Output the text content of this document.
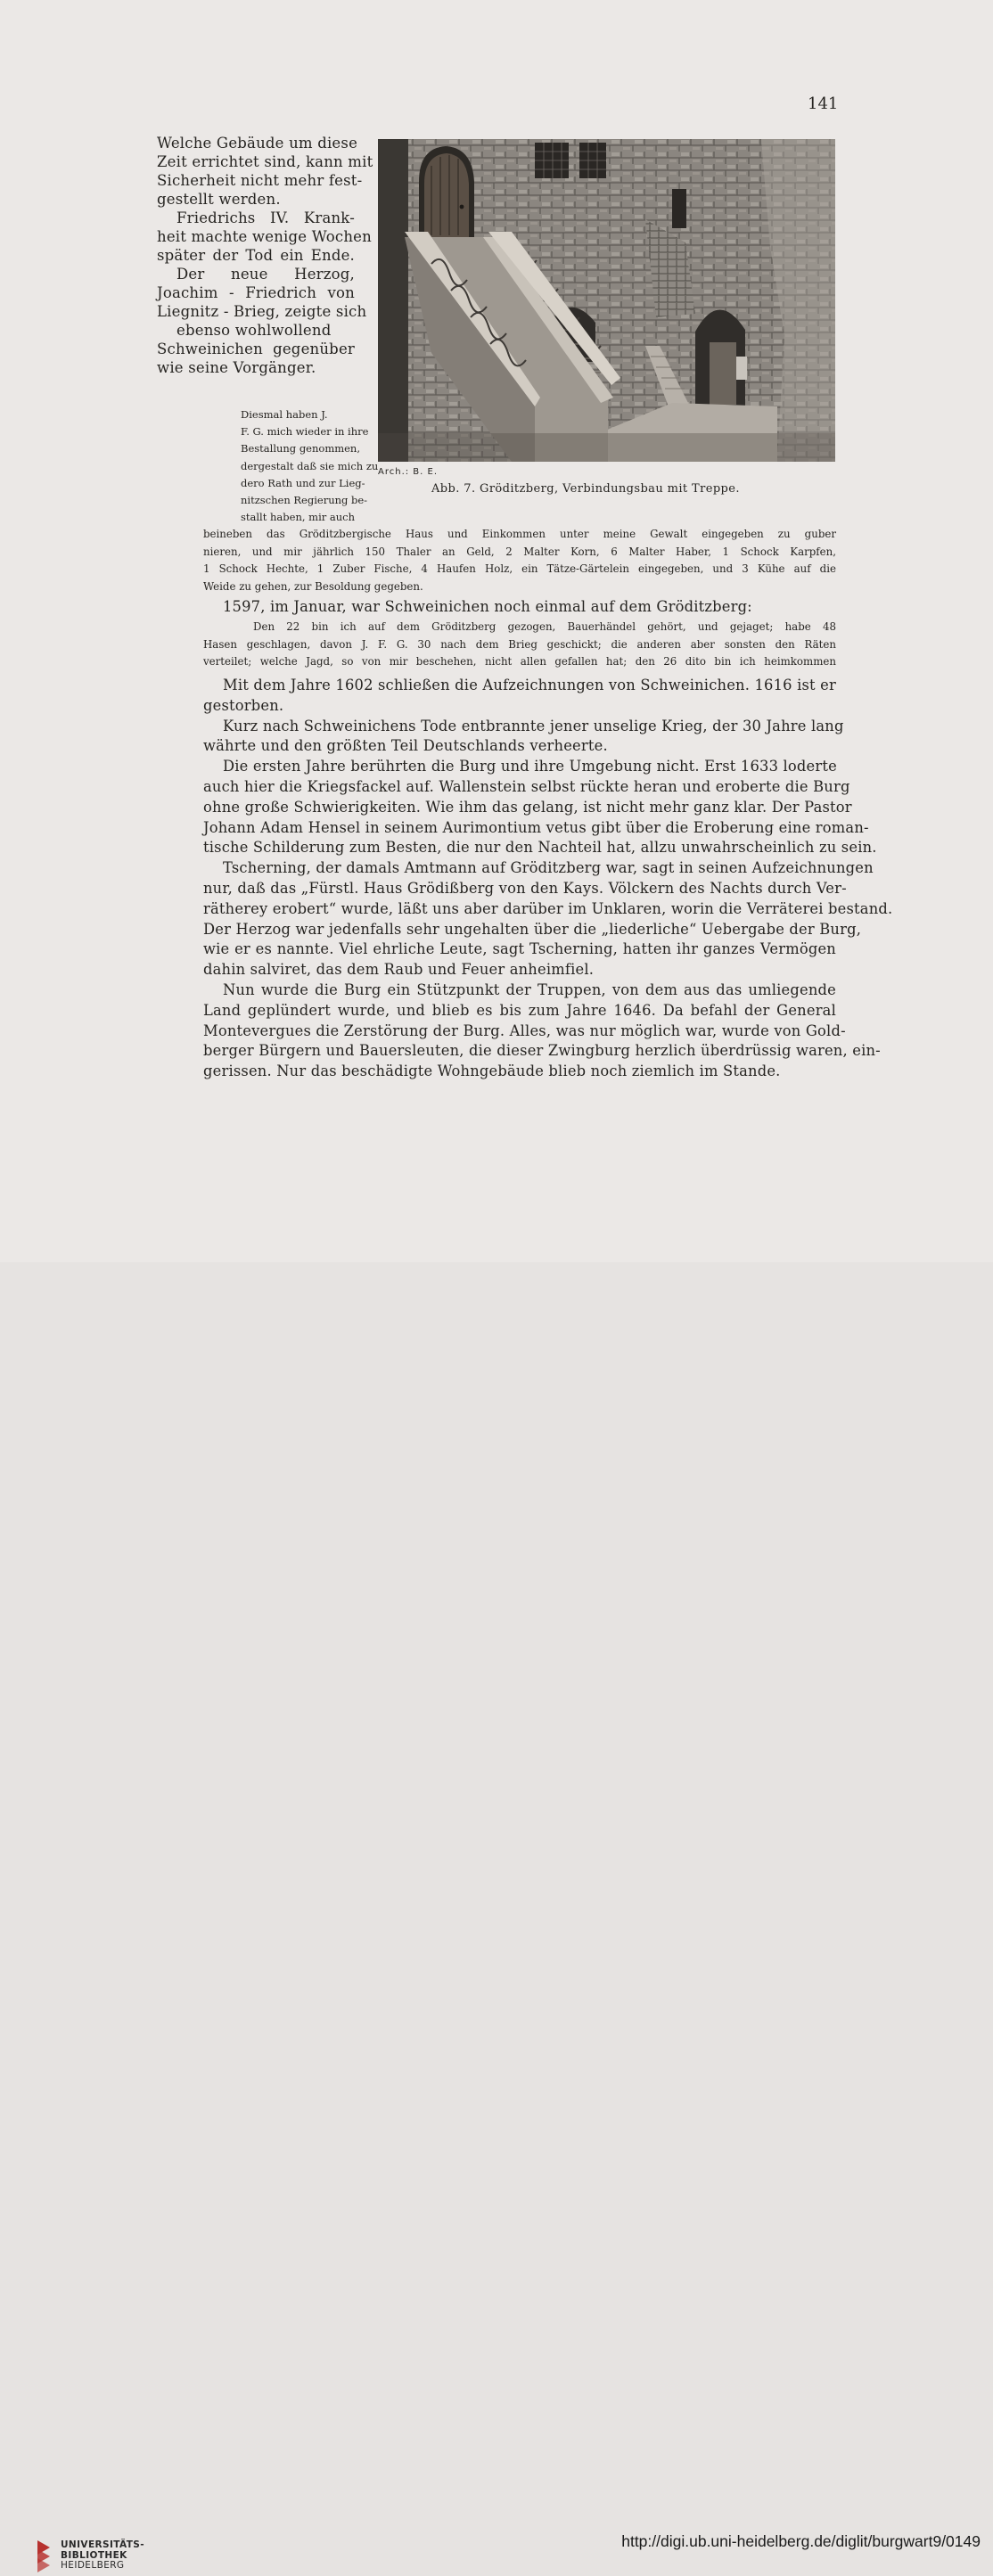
141
Welche Gebäude um diese
Zeit errichtet sind, kann mit
Sicherheit nicht mehr fest-
gestellt werden.
Friedrichs IV. Krank-
heit machte wenige Wochen
später der Tod ein Ende.
Der neue Herzog,
Joachim - Friedrich von
Liegnitz - Brieg, zeigte sich
ebenso wohlwollend
Schweinichen gegenüber
wie seine Vorgänger.
Diesmal haben J.
F. G. mich wieder in ihre
Bestallung genommen,
dergestalt daß sie mich zu
dero Rath und zur Lieg-
nitzschen Regierung be-
stallt haben, mir auch
Arch.: B. E.
Abb. 7. Gröditzberg, Verbindungsbau mit Treppe.
beineben das Gröditzbergische Haus und Einkommen unter meine Gewalt eingegeben zu guber
nieren, und mir jährlich 150 Thaler an Geld, 2 Malter Korn, 6 Malter Haber, 1 Schock Karpfen,
1 Schock Hechte, 1 Zuber Fische, 4 Haufen Holz, ein Tätze-Gärtelein eingegeben, und 3 Kühe auf die
Weide zu gehen, zur Besoldung gegeben.
1597, im Januar, war Schweinichen noch einmal auf dem Gröditzberg:
Den 22 bin ich auf dem Gröditzberg gezogen, Bauerhändel gehört, und gejaget; habe 48
Hasen geschlagen, davon J. F. G. 30 nach dem Brieg geschickt; die anderen aber sonsten den Räten
verteilet; welche Jagd, so von mir beschehen, nicht allen gefallen hat; den 26 dito bin ich heimkommen
Mit dem Jahre 1602 schließen die Aufzeichnungen von Schweinichen. 1616 ist er
gestorben.
Kurz nach Schweinichens Tode entbrannte jener unselige Krieg, der 30 Jahre lang
währte und den größten Teil Deutschlands verheerte.
Die ersten Jahre berührten die Burg und ihre Umgebung nicht. Erst 1633 loderte
auch hier die Kriegsfackel auf. Wallenstein selbst rückte heran und eroberte die Burg
ohne große Schwierigkeiten. Wie ihm das gelang, ist nicht mehr ganz klar. Der Pastor
Johann Adam Hensel in seinem Aurimontium vetus gibt über die Eroberung eine roman-
tische Schilderung zum Besten, die nur den Nachteil hat, allzu unwahrscheinlich zu sein.
Tscherning, der damals Amtmann auf Gröditzberg war, sagt in seinen Aufzeichnungen
nur, daß das „Fürstl. Haus Grödißberg von den Kays. Völckern des Nachts durch Ver-
rätherey erobert“ wurde, läßt uns aber darüber im Unklaren, worin die Verräterei bestand.
Der Herzog war jedenfalls sehr ungehalten über die „liederliche“ Uebergabe der Burg,
wie er es nannte. Viel ehrliche Leute, sagt Tscherning, hatten ihr ganzes Vermögen
dahin salviret, das dem Raub und Feuer anheimfiel.
Nun wurde die Burg ein Stützpunkt der Truppen, von dem aus das umliegende
Land geplündert wurde, und blieb es bis zum Jahre 1646. Da befahl der General
Montevergues die Zerstörung der Burg. Alles, was nur möglich war, wurde von Gold-
berger Bürgern und Bauersleuten, die dieser Zwingburg herzlich überdrüssig waren, ein-
gerissen. Nur das beschädigte Wohngebäude blieb noch ziemlich im Stande.
UNIVERSITÄTS-
BIBLIOTHEK
HEIDELBERG
http://digi.ub.uni-heidelberg.de/diglit/burgwart9/0149
